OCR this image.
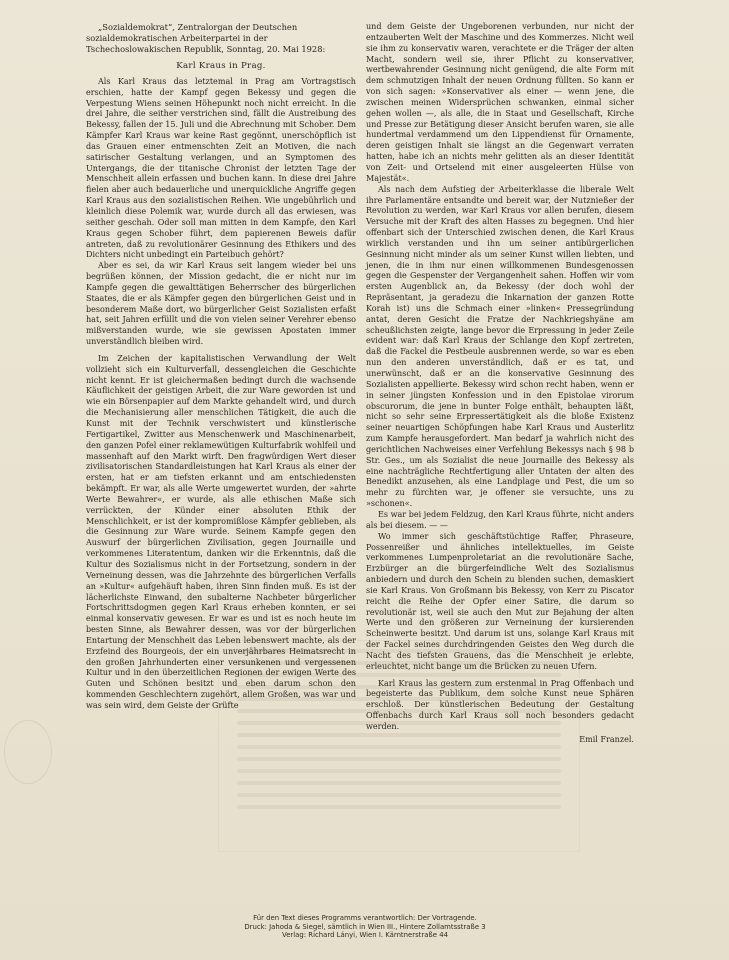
„Sozialdemokrat“, Zentralorgan der Deutschen sozialdemokratischen Arbeiterpartei in der Tschechoslowakischen Republik, Sonntag, 20. Mai 1928:

Karl Kraus in Prag.

Als Karl Kraus das letztemal in Prag am Vortragstisch erschien, hatte der Kampf gegen Bekessy und gegen die Verpestung Wiens seinen Höhepunkt noch nicht erreicht. In die drei Jahre, die seither verstrichen sind, fällt die Austreibung des Bekessy, fallen der 15. Juli und die Abrechnung mit Schober. Dem Kämpfer Karl Kraus war keine Rast gegönnt, unerschöpflich ist das Grauen einer entmenschten Zeit an Motiven, die nach satirischer Gestaltung verlangen, und an Symptomen des Untergangs, die der titanische Chronist der letzten Tage der Menschheit allein erfassen und buchen kann. In diese drei Jahre fielen aber auch bedauerliche und unerquickliche Angriffe gegen Karl Kraus aus den sozialistischen Reihen. Wie ungebührlich und kleinlich diese Polemik war, wurde durch all das erwiesen, was seither geschah. Oder soll man mitten in dem Kampfe, den Karl Kraus gegen Schober führt, dem papierenen Beweis dafür antreten, daß zu revolutionärer Gesinnung des Ethikers und des Dichters nicht unbedingt ein Parteibuch gehört?

Aber es sei, da wir Karl Kraus seit langem wieder bei uns begrüßen können, der Mission gedacht, die er nicht nur im Kampfe gegen die gewalttätigen Beherrscher des bürgerlichen Staates, die er als Kämpfer gegen den bürgerlichen Geist und in besonderem Maße dort, wo bürgerlicher Geist Sozialisten erfaßt hat, seit Jahren erfüllt und die von vielen seiner Verehrer ebenso mißverstanden wurde, wie sie gewissen Apostaten immer unverständlich bleiben wird.

Im Zeichen der kapitalistischen Verwandlung der Welt vollzieht sich ein Kulturverfall, dessengleichen die Geschichte nicht kennt. Er ist gleichermaßen bedingt durch die wachsende Käuflichkeit der geistigen Arbeit, die zur Ware geworden ist und wie ein Börsenpapier auf dem Markte gehandelt wird, und durch die Mechanisierung aller menschlichen Tätigkeit, die auch die Kunst mit der Technik verschwistert und künstlerische Fertigartikel, Zwitter aus Menschenwerk und Maschinenarbeit, den ganzen Pofel einer reklamewütigen Kulturfabrik wohlfeil und massenhaft auf den Markt wirft. Den fragwürdigen Wert dieser zivilisatorischen Standardleistungen hat Karl Kraus als einer der ersten, hat er am tiefsten erkannt und am entschiedensten bekämpft. Er war, als alle Werte umgewertet wurden, der »ahrte Werte Bewahrer«, er wurde, als alle ethischen Maße sich verrückten, der Künder einer absoluten Ethik der Menschlichkeit, er ist der kompromißlose Kämpfer geblieben, als die Gesinnung zur Ware wurde. Seinem Kampfe gegen den Auswurf der bürgerlichen Zivilisation, gegen Journaille und verkommenes Literatentum, danken wir die Erkenntnis, daß die Kultur des Sozialismus nicht in der Fortsetzung, sondern in der Verneinung dessen, was die Jahrzehnte des bürgerlichen Verfalls an »Kultur« aufgehäuft haben, ihren Sinn finden muß. Es ist der lächerlichste Einwand, den subalterne Nachbeter bürgerlicher Fortschrittsdogmen gegen Karl Kraus erheben konnten, er sei einmal konservativ gewesen. Er war es und ist es noch heute im besten Sinne, als Bewahrer dessen, was vor der bürgerlichen Entartung der Menschheit das Leben lebenswert machte, als der Erzfeind des Bourgeois, der ein unverjährbares Heimatsrecht in den großen Jahrhunderten einer versunkenen und vergessenen Kultur und in den überzeitlichen Regionen der ewigen Werte des Guten und Schönen besitzt und eben darum schon den kommenden Geschlechtern zugehört, allem Großen, was war und was sein wird, dem Geiste der Grüfte

und dem Geiste der Ungeborenen verbunden, nur nicht der entzauberten Welt der Maschine und des Kommerzes. Nicht weil sie ihm zu konservativ waren, verachtete er die Träger der alten Macht, sondern weil sie, ihrer Pflicht zu konservativer, wertbewahrender Gesinnung nicht genügend, die alte Form mit dem schmutzigen Inhalt der neuen Ordnung füllten. So kann er von sich sagen: »Konservativer als einer — wenn jene, die zwischen meinen Widersprüchen schwanken, einmal sicher gehen wollen —, als alle, die in Staat und Gesellschaft, Kirche und Presse zur Betätigung dieser Ansicht berufen waren, sie alle hundertmal verdammend um den Lippendienst für Ornamente, deren geistigen Inhalt sie längst an die Gegenwart verraten hatten, habe ich an nichts mehr gelitten als an dieser Identität von Zeit- und Ortselend mit einer ausgeleerten Hülse von Majestät«.

Als nach dem Aufstieg der Arbeiterklasse die liberale Welt ihre Parlamentäre entsandte und bereit war, der Nutznießer der Revolution zu werden, war Karl Kraus vor allen berufen, diesem Versuche mit der Kraft des alten Hasses zu begegnen. Und hier offenbart sich der Unterschied zwischen denen, die Karl Kraus wirklich verstanden und ihn um seiner antibürgerlichen Gesinnung nicht minder als um seiner Kunst willen liebten, und jenen, die in ihm nur einen willkommenen Bundesgenossen gegen die Gespenster der Vergangenheit sahen. Hoffen wir vom ersten Augenblick an, da Bekessy (der doch wohl der Repräsentant, ja geradezu die Inkarnation der ganzen Rotte Korah ist) uns die Schmach einer »linken« Pressegründung antat, deren Gesicht die Fratze der Nachkriegshyäne am scheußlichsten zeigte, lange bevor die Erpressung in jeder Zeile evident war: daß Karl Kraus der Schlange den Kopf zertreten, daß die Fackel die Pestbeule ausbrennen werde, so war es eben nun den anderen unverständlich, daß er es tat, und unerwünscht, daß er an die konservative Gesinnung des Sozialisten appellierte. Bekessy wird schon recht haben, wenn er in seiner jüngsten Konfession und in den Epistolae virorum obscurorum, die jene in bunter Folge enthält, behaupten läßt, nicht so sehr seine Erpressertätigkeit als die bloße Existenz seiner neuartigen Schöpfungen habe Karl Kraus und Austerlitz zum Kampfe herausgefordert. Man bedarf ja wahrlich nicht des gerichtlichen Nachweises einer Verfehlung Bekessys nach § 98 b Str. Ges., um als Sozialist die neue Journaille des Bekessy als eine nachträgliche Rechtfertigung aller Untaten der alten des Benedikt anzusehen, als eine Landplage und Pest, die um so mehr zu fürchten war, je offener sie versuchte, uns zu »schonen«.

Es war bei jedem Feldzug, den Karl Kraus führte, nicht anders als bei diesem. — —

Wo immer sich geschäftstüchtige Raffer, Phraseure, Possenreißer und ähnliches intellektuelles, im Geiste verkommenes Lumpenproletariat an die revolutionäre Sache, Erzbürger an die bürgerfeindliche Welt des Sozialismus anbiedern und durch den Schein zu blenden suchen, demaskiert sie Karl Kraus. Von Großmann bis Bekessy, von Kerr zu Piscator reicht die Reihe der Opfer einer Satire, die darum so revolutionär ist, weil sie auch den Mut zur Bejahung der alten Werte und den größeren zur Verneinung der kursierenden Scheinwerte besitzt. Und darum ist uns, solange Karl Kraus mit der Fackel seines durchdringenden Geistes den Weg durch die Nacht des tiefsten Grauens, das die Menschheit je erlebte, erleuchtet, nicht bange um die Brücken zu neuen Ufern.

Karl Kraus las gestern zum erstenmal in Prag Offenbach und begeisterte das Publikum, dem solche Kunst neue Sphären erschloß. Der künstlerischen Bedeutung der Gestaltung Offenbachs durch Karl Kraus soll noch besonders gedacht werden.

Emil Franzel.
Für den Text dieses Programms verantwortlich: Der Vortragende.
Druck: Jahoda & Siegel, sämtlich in Wien III., Hintere Zollamtsstraße 3
Verlag: Richard Lányi, Wien I. Kärntnerstraße 44
